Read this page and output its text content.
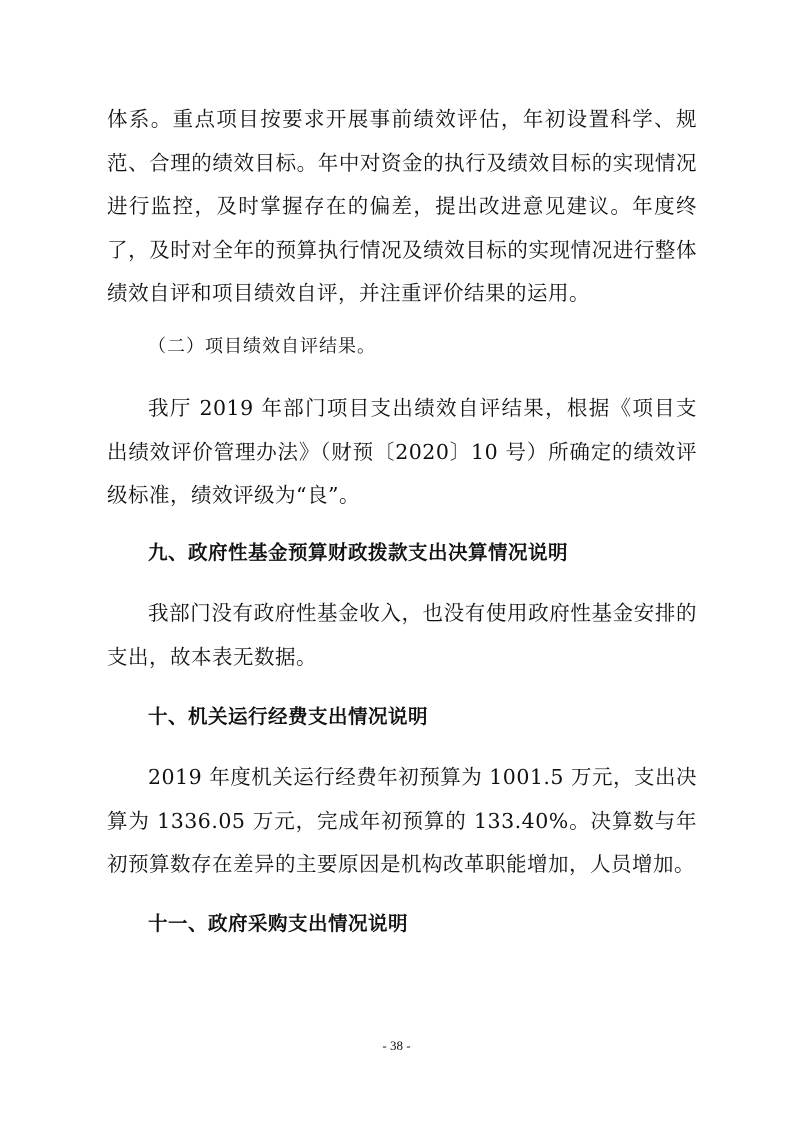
体系。重点项目按要求开展事前绩效评估，年初设置科学、规范、合理的绩效目标。年中对资金的执行及绩效目标的实现情况进行监控，及时掌握存在的偏差，提出改进意见建议。年度终了，及时对全年的预算执行情况及绩效目标的实现情况进行整体绩效自评和项目绩效自评，并注重评价结果的运用。

（二）项目绩效自评结果。

我厅 2019 年部门项目支出绩效自评结果，根据《项目支出绩效评价管理办法》（财预〔2020〕10 号）所确定的绩效评级标准，绩效评级为“良”。

九、政府性基金预算财政拨款支出决算情况说明

我部门没有政府性基金收入，也没有使用政府性基金安排的支出，故本表无数据。

十、机关运行经费支出情况说明

2019 年度机关运行经费年初预算为 1001.5 万元，支出决算为 1336.05 万元，完成年初预算的 133.40%。决算数与年初预算数存在差异的主要原因是机构改革职能增加，人员增加。

十一、政府采购支出情况说明

- 38 -
